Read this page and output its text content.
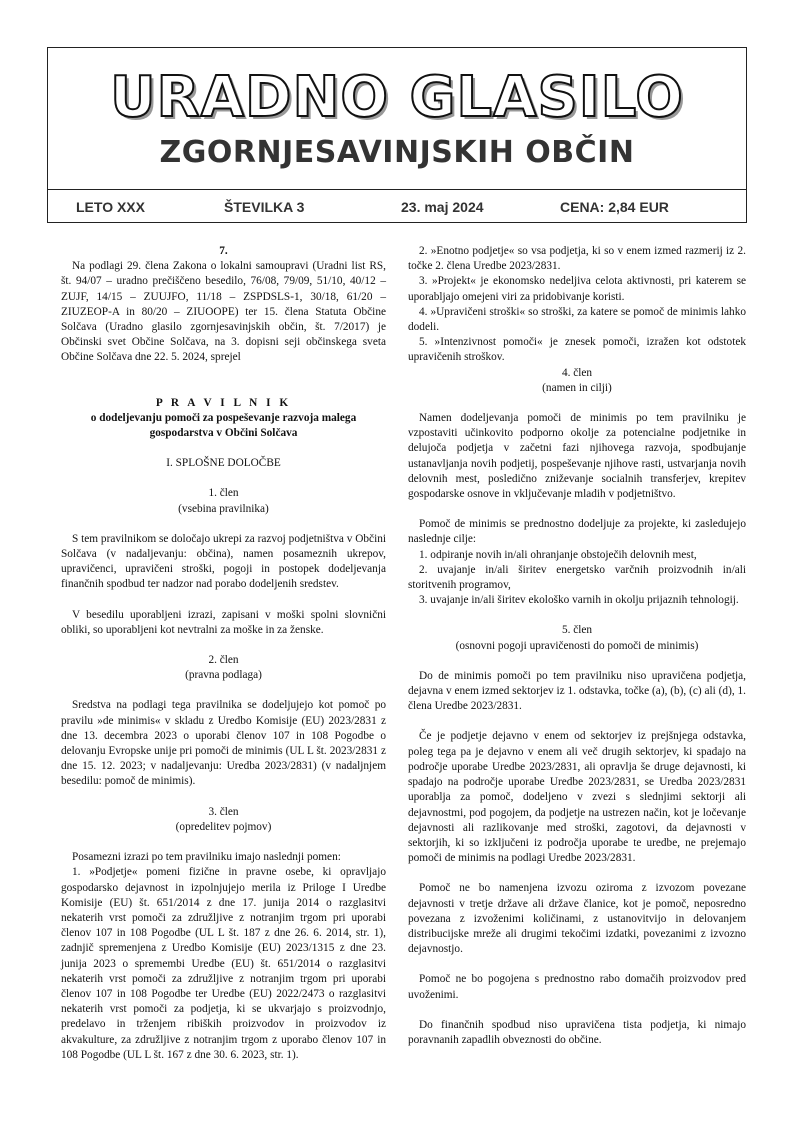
URADNO GLASILO
ZGORNJESAVINJSKIH OBČIN
LETO XXX	ŠTEVILKA 3	23. maj 2024	CENA: 2,84 EUR

7.

Na podlagi 29. člena Zakona o lokalni samoupravi (Uradni list RS, št. 94/07 – uradno prečiščeno besedilo, 76/08, 79/09, 51/10, 40/12 – ZUJF, 14/15 – ZUUJFO, 11/18 – ZSPDSLS-1, 30/18, 61/20 – ZIUZEOP-A in 80/20 – ZIUOOPE) ter 15. člena Statuta Občine Solčava (Uradno glasilo zgornjesavinjskih občin, št. 7/2017) je Občinski svet Občine Solčava, na 3. dopisni seji občinskega sveta Občine Solčava dne 22. 5. 2024, sprejel

P R A V I L N I K

o dodeljevanju pomoči za pospeševanje razvoja malega gospodarstva v Občini Solčava

I. SPLOŠNE DOLOČBE

1. člen

(vsebina pravilnika)

S tem pravilnikom se določajo ukrepi za razvoj podjetništva v Občini Solčava (v nadaljevanju: občina), namen posameznih ukrepov, upravičenci, upravičeni stroški, pogoji in postopek dodeljevanja finančnih spodbud ter nadzor nad porabo dodeljenih sredstev.

V besedilu uporabljeni izrazi, zapisani v moški spolni slovnični obliki, so uporabljeni kot nevtralni za moške in za ženske.

2. člen

(pravna podlaga)

Sredstva na podlagi tega pravilnika se dodeljujejo kot pomoč po pravilu »de minimis« v skladu z Uredbo Komisije (EU) 2023/2831 z dne 13. decembra 2023 o uporabi členov 107 in 108 Pogodbe o delovanju Evropske unije pri pomoči de minimis (UL L št. 2023/2831 z dne 15. 12. 2023; v nadaljevanju: Uredba 2023/2831) (v nadaljnjem besedilu: pomoč de minimis).

3. člen

(opredelitev pojmov)

Posamezni izrazi po tem pravilniku imajo naslednji pomen:

1. »Podjetje« pomeni fizične in pravne osebe, ki opravljajo gospodarsko dejavnost in izpolnjujejo merila iz Priloge I Uredbe Komisije (EU) št. 651/2014 z dne 17. junija 2014 o razglasitvi nekaterih vrst pomoči za združljive z notranjim trgom pri uporabi členov 107 in 108 Pogodbe (UL L št. 187 z dne 26. 6. 2014, str. 1), zadnjič spremenjena z Uredbo Komisije (EU) 2023/1315 z dne 23. junija 2023 o spremembi Uredbe (EU) št. 651/2014 o razglasitvi nekaterih vrst pomoči za združljive z notranjim trgom pri uporabi členov 107 in 108 Pogodbe ter Uredbe (EU) 2022/2473 o razglasitvi nekaterih vrst pomoči za podjetja, ki se ukvarjajo s proizvodnjo, predelavo in trženjem ribiških proizvodov in proizvodov iz akvakulture, za združljive z notranjim trgom z uporabo členov 107 in 108 Pogodbe (UL L št. 167 z dne 30. 6. 2023, str. 1).

2. »Enotno podjetje« so vsa podjetja, ki so v enem izmed razmerij iz 2. točke 2. člena Uredbe 2023/2831.

3. »Projekt« je ekonomsko nedeljiva celota aktivnosti, pri katerem se uporabljajo omejeni viri za pridobivanje koristi.

4. »Upravičeni stroški« so stroški, za katere se pomoč de minimis lahko dodeli.

5. »Intenzivnost pomoči« je znesek pomoči, izražen kot odstotek upravičenih stroškov.

4. člen

(namen in cilji)

Namen dodeljevanja pomoči de minimis po tem pravilniku je vzpostaviti učinkovito podporno okolje za potencialne podjetnike in delujoča podjetja v začetni fazi njihovega razvoja, spodbujanje ustanavljanja novih podjetij, pospeševanje njihove rasti, ustvarjanja novih delovnih mest, posledično zniževanje socialnih transferjev, krepitev gospodarske osnove in vključevanje mladih v podjetništvo.

Pomoč de minimis se prednostno dodeljuje za projekte, ki zasledujejo naslednje cilje:

1. odpiranje novih in/ali ohranjanje obstoječih delovnih mest,

2. uvajanje in/ali širitev energetsko varčnih proizvodnih in/ali storitvenih programov,

3. uvajanje in/ali širitev ekološko varnih in okolju prijaznih tehnologij.

5. člen

(osnovni pogoji upravičenosti do pomoči de minimis)

Do de minimis pomoči po tem pravilniku niso upravičena podjetja, dejavna v enem izmed sektorjev iz 1. odstavka, točke (a), (b), (c) ali (d), 1. člena Uredbe 2023/2831.

Če je podjetje dejavno v enem od sektorjev iz prejšnjega odstavka, poleg tega pa je dejavno v enem ali več drugih sektorjev, ki spadajo na področje uporabe Uredbe 2023/2831, ali opravlja še druge dejavnosti, ki spadajo na področje uporabe Uredbe 2023/2831, se Uredba 2023/2831 uporablja za pomoč, dodeljeno v zvezi s slednjimi sektorji ali dejavnostmi, pod pogojem, da podjetje na ustrezen način, kot je ločevanje dejavnosti ali razlikovanje med stroški, zagotovi, da dejavnosti v sektorjih, ki so izključeni iz področja uporabe te uredbe, ne prejemajo pomoči de minimis na podlagi Uredbe 2023/2831.

Pomoč ne bo namenjena izvozu oziroma z izvozom povezane dejavnosti v tretje države ali države članice, kot je pomoč, neposredno povezana z izvoženimi količinami, z ustanovitvijo in delovanjem distribucijske mreže ali drugimi tekočimi izdatki, povezanimi z izvozno dejavnostjo.

Pomoč ne bo pogojena s prednostno rabo domačih proizvodov pred uvoženimi.

Do finančnih spodbud niso upravičena tista podjetja, ki nimajo poravnanih zapadlih obveznosti do občine.
